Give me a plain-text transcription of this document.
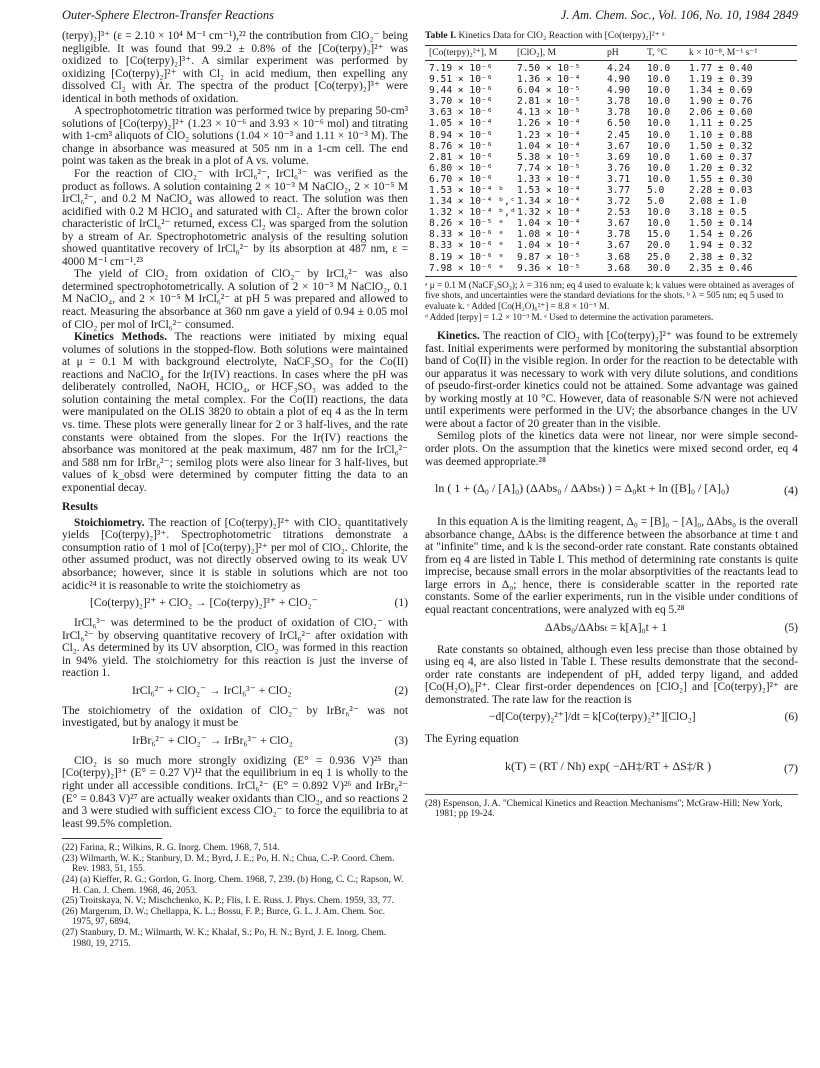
Outer-Sphere Electron-Transfer Reactions	J. Am. Chem. Soc., Vol. 106, No. 10, 1984 2849

(terpy)₂]³⁺ (ε = 2.10 × 10⁴ M⁻¹ cm⁻¹),²² the contribution from ClO₂⁻ being negligible. It was found that 99.2 ± 0.8% of the [Co(terpy)₂]²⁺ was oxidized to [Co(terpy)₂]³⁺. A similar experiment was performed by oxidizing [Co(terpy)₂]²⁺ with Cl₂ in acid medium, then expelling any dissolved Cl₂ with Ar. The spectra of the product [Co(terpy)₂]³⁺ were identical in both methods of oxidation.

A spectrophotometric titration was performed twice by preparing 50-cm³ solutions of [Co(terpy)₂]²⁺ (1.23 × 10⁻⁶ and 3.93 × 10⁻⁶ mol) and titrating with 1-cm³ aliquots of ClO₂ solutions (1.04 × 10⁻³ and 1.11 × 10⁻³ M). The change in absorbance was measured at 505 nm in a 1-cm cell. The end point was taken as the break in a plot of A vs. volume.

For the reaction of ClO₂⁻ with IrCl₆²⁻, IrCl₆³⁻ was verified as the product as follows. A solution containing 2 × 10⁻³ M NaClO₂, 2 × 10⁻⁵ M IrCl₆²⁻, and 0.2 M NaClO₄ was allowed to react. The solution was then acidified with 0.2 M HClO₄ and saturated with Cl₂. After the brown color characteristic of IrCl₆²⁻ returned, excess Cl₂ was sparged from the solution by a stream of Ar. Spectrophotometric analysis of the resulting solution showed quantitative recovery of IrCl₆²⁻ by its absorption at 487 nm, ε = 4000 M⁻¹ cm⁻¹.²³

The yield of ClO₂ from oxidation of ClO₂⁻ by IrCl₆²⁻ was also determined spectrophotometrically. A solution of 2 × 10⁻³ M NaClO₂, 0.1 M NaClO₄, and 2 × 10⁻⁵ M IrCl₆²⁻ at pH 5 was prepared and allowed to react. Measuring the absorbance at 360 nm gave a yield of 0.94 ± 0.05 mol of ClO₂ per mol of IrCl₆²⁻ consumed.

Kinetics Methods. The reactions were initiated by mixing equal volumes of solutions in the stopped-flow. Both solutions were maintained at μ = 0.1 M with background electrolyte, NaCF₃SO₃ for the Co(II) reactions and NaClO₄ for the Ir(IV) reactions. In cases where the pH was deliberately controlled, NaOH, HClO₄, or HCF₃SO₃ was added to the solution containing the metal complex. For the Co(II) reactions, the data were manipulated on the OLIS 3820 to obtain a plot of eq 4 as the ln term vs. time. These plots were generally linear for 2 or 3 half-lives, and the rate constants were obtained from the slopes. For the Ir(IV) reactions the absorbance was monitored at the peak maximum, 487 nm for the IrCl₆²⁻ and 588 nm for IrBr₆²⁻; semilog plots were also linear for 3 half-lives, but values of k_obsd were determined by computer fitting the data to an exponential decay.

Results

Stoichiometry. The reaction of [Co(terpy)₂]²⁺ with ClO₂ quantitatively yields [Co(terpy)₂]³⁺. Spectrophotometric titrations demonstrate a consumption ratio of 1 mol of [Co(terpy)₂]²⁺ per mol of ClO₂. Chlorite, the other assumed product, was not directly observed owing to its weak UV absorbance; however, since it is stable in solutions which are not too acidic²⁴ it is reasonable to write the stoichiometry as

[Co(terpy)₂]²⁺ + ClO₂ → [Co(terpy)₂]³⁺ + ClO₂⁻	(1)

IrCl₆³⁻ was determined to be the product of oxidation of ClO₂⁻ with IrCl₆²⁻ by observing quantitative recovery of IrCl₆²⁻ after oxidation with Cl₂. As determined by its UV absorption, ClO₂ was formed in this reaction in 94% yield. The stoichiometry for this reaction is just the inverse of reaction 1.

IrCl₆²⁻ + ClO₂⁻ → IrCl₆³⁻ + ClO₂	(2)

The stoichiometry of the oxidation of ClO₂⁻ by IrBr₆²⁻ was not investigated, but by analogy it must be

IrBr₆²⁻ + ClO₂⁻ → IrBr₆³⁻ + ClO₂	(3)

ClO₂ is so much more strongly oxidizing (E° = 0.936 V)²⁵ than [Co(terpy)₂]³⁺ (E° = 0.27 V)¹² that the equilibrium in eq 1 is wholly to the right under all accessible conditions. IrCl₆²⁻ (E° = 0.892 V)²⁶ and IrBr₆²⁻ (E° = 0.843 V)²⁷ are actually weaker oxidants than ClO₂, and so reactions 2 and 3 were studied with sufficient excess ClO₂⁻ to force the equilibria to at least 99.5% completion.

(22) Farina, R.; Wilkins, R. G. Inorg. Chem. 1968, 7, 514.
(23) Wilmarth, W. K.; Stanbury, D. M.; Byrd, J. E.; Po, H. N.; Chua, C.-P. Coord. Chem. Rev. 1983, 51, 155.
(24) (a) Kieffer, R. G.; Gordon, G. Inorg. Chem. 1968, 7, 239. (b) Hong, C. C.; Rapson, W. H. Can. J. Chem. 1968, 46, 2053.
(25) Troitskaya, N. V.; Mischchenko, K. P.; Flis, I. E. Russ. J. Phys. Chem. 1959, 33, 77.
(26) Margerum, D. W.; Chellappa, K. L.; Bossu, F. P.; Burce, G. L. J. Am. Chem. Soc. 1975, 97, 6894.
(27) Stanbury, D. M.; Wilmarth, W. K.; Khalaf, S.; Po, H. N.; Byrd, J. E. Inorg. Chem. 1980, 19, 2715.
Table I. Kinetics Data for ClO₂ Reaction with [Co(terpy)₂]²⁺ ᵃ
[Co(terpy)₂²⁺], M	[ClO₂], M	pH	T, °C	k × 10⁻⁸, M⁻¹ s⁻¹
7.19 × 10⁻⁶	7.50 × 10⁻⁵	4.24	10.0	1.77 ± 0.40
9.51 × 10⁻⁶	1.36 × 10⁻⁴	4.90	10.0	1.19 ± 0.39
9.44 × 10⁻⁶	6.04 × 10⁻⁵	4.90	10.0	1.34 ± 0.69
3.70 × 10⁻⁶	2.81 × 10⁻⁵	3.78	10.0	1.90 ± 0.76
3.63 × 10⁻⁶	4.13 × 10⁻⁵	3.78	10.0	2.06 ± 0.60
1.05 × 10⁻⁴	1.26 × 10⁻⁴	6.50	10.0	1.11 ± 0.25
8.94 × 10⁻⁶	1.23 × 10⁻⁴	2.45	10.0	1.10 ± 0.88
8.76 × 10⁻⁶	1.04 × 10⁻⁴	3.67	10.0	1.50 ± 0.32
2.81 × 10⁻⁶	5.38 × 10⁻⁵	3.69	10.0	1.60 ± 0.37
6.80 × 10⁻⁶	7.74 × 10⁻⁵	3.76	10.0	1.20 ± 0.32
6.70 × 10⁻⁶	1.33 × 10⁻⁴	3.71	10.0	1.55 ± 0.30
1.53 × 10⁻⁴ ᵇ	1.53 × 10⁻⁴	3.77	5.0	2.28 ± 0.03
1.34 × 10⁻⁴ ᵇ,ᶜ	1.34 × 10⁻⁴	3.72	5.0	2.08 ± 1.0
1.32 × 10⁻⁴ ᵇ,ᵈ	1.32 × 10⁻⁴	2.53	10.0	3.18 ± 0.5
8.26 × 10⁻⁵ ᵉ	1.04 × 10⁻⁴	3.67	10.0	1.50 ± 0.14
8.33 × 10⁻⁶ ᵉ	1.08 × 10⁻⁴	3.78	15.0	1.54 ± 0.26
8.33 × 10⁻⁶ ᵉ	1.04 × 10⁻⁴	3.67	20.0	1.94 ± 0.32
8.19 × 10⁻⁶ ᵉ	9.87 × 10⁻⁵	3.68	25.0	2.38 ± 0.32
7.98 × 10⁻⁶ ᵉ	9.36 × 10⁻⁵	3.68	30.0	2.35 ± 0.46
ᵃ μ = 0.1 M (NaCF₃SO₃); λ = 316 nm; eq 4 used to evaluate k; k values were obtained as averages of five shots, and uncertainties were the standard deviations for the shots. ᵇ λ = 505 nm; eq 5 used to evaluate k. ᶜ Added [Co(H₂O)₆²⁺] = 8.8 × 10⁻⁵ M.
ᵈ Added [terpy] = 1.2 × 10⁻³ M. ᵉ Used to determine the activation parameters.

Kinetics. The reaction of ClO₂ with [Co(terpy)₂]²⁺ was found to be extremely fast. Initial experiments were performed by monitoring the substantial absorption band of Co(II) in the visible region. In order for the reaction to be detectable with our apparatus it was necessary to work with very dilute solutions, and conditions of pseudo-first-order kinetics could not be attained. Some advantage was gained by working mostly at 10 °C. However, data of reasonable S/N were not achieved until experiments were performed in the UV; the absorbance changes in the UV were about a factor of 20 greater than in the visible.

Semilog plots of the kinetics data were not linear, nor were simple second-order plots. On the assumption that the kinetics were mixed second order, eq 4 was deemed appropriate.²⁸

ln ( 1 + (Δ₀ / [A]₀) (ΔAbs₀ / ΔAbsₜ) ) = Δ₀kt + ln ([B]₀ / [A]₀)	(4)

In this equation A is the limiting reagent, Δ₀ = [B]₀ − [A]₀, ΔAbs₀ is the overall absorbance change, ΔAbsₜ is the difference between the absorbance at time t and at "infinite" time, and k is the second-order rate constant. Rate constants obtained from eq 4 are listed in Table I. This method of determining rate constants is quite imprecise, because small errors in the molar absorptivities of the reactants lead to large errors in Δ₀; hence, there is considerable scatter in the reported rate constants. Some of the earlier experiments, run in the visible under conditions of equal reactant concentrations, were analyzed with eq 5.²⁸

ΔAbs₀/ΔAbsₜ = k[A]₀t + 1	(5)

Rate constants so obtained, although even less precise than those obtained by using eq 4, are also listed in Table I. These results demonstrate that the second-order rate constants are independent of pH, added terpy ligand, and added [Co(H₂O)₆]²⁺. Clear first-order dependences on [ClO₂] and [Co(terpy)₂]²⁺ are demonstrated. The rate law for the reaction is

−d[Co(terpy)₂²⁺]/dt = k[Co(terpy)₂²⁺][ClO₂]	(6)

The Eyring equation

k(T) = (RT / Nh) exp( −ΔH‡/RT + ΔS‡/R )	(7)
(28) Espenson, J. A. "Chemical Kinetics and Reaction Mechanisms"; McGraw-Hill: New York, 1981; pp 19-24.
